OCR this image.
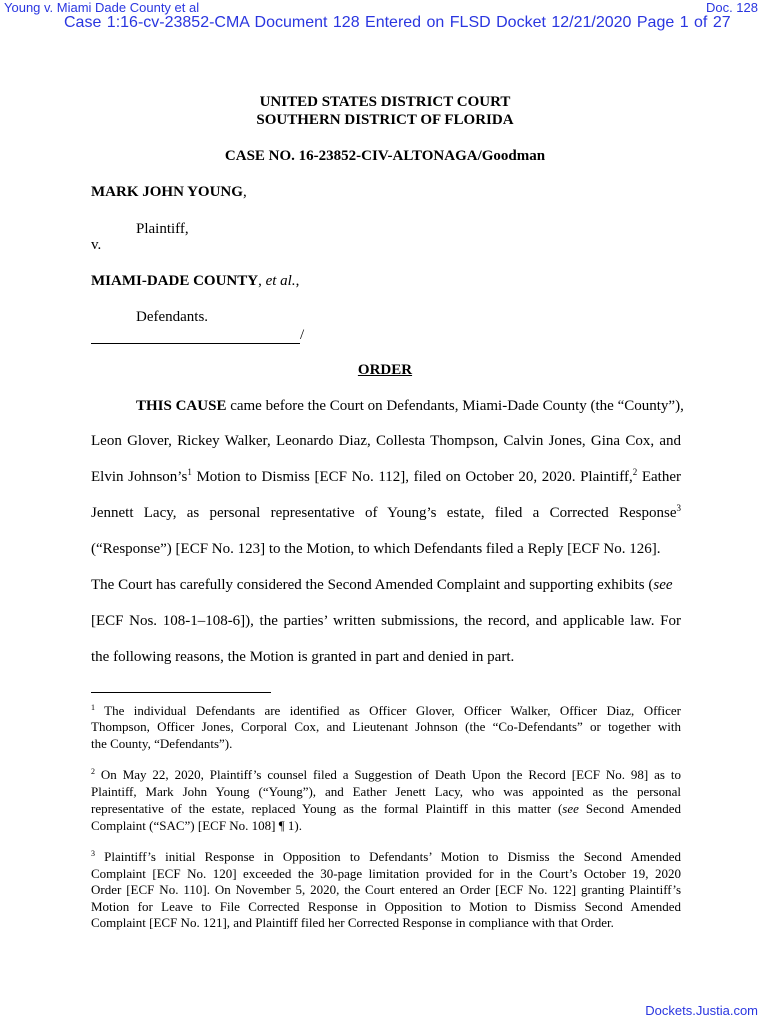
Young v. Miami Dade County et al	Doc. 128
Case 1:16-cv-23852-CMA Document 128 Entered on FLSD Docket 12/21/2020 Page 1 of 27
UNITED STATES DISTRICT COURT
SOUTHERN DISTRICT OF FLORIDA
CASE NO. 16-23852-CIV-ALTONAGA/Goodman
MARK JOHN YOUNG,
Plaintiff,
v.
MIAMI-DADE COUNTY, et al.,
Defendants.
/
ORDER
THIS CAUSE came before the Court on Defendants, Miami-Dade County (the “County”),
Leon Glover, Rickey Walker, Leonardo Diaz, Collesta Thompson, Calvin Jones, Gina Cox, and
Elvin $Johnson’s^1$ Motion to Dismiss [ECF No. 112], filed on October 20, 2020. Plaintiff,$^2$ Eather
Jennett Lacy, as personal representative of Young’s estate, filed a Corrected Response$^3$
(“Response”) [ECF No. 123] to the Motion, to which Defendants filed a Reply [ECF No. 126].
The Court has carefully considered the Second Amended Complaint and supporting exhibits (see
[ECF Nos. 108-1–108-6]), the parties’ written submissions, the record, and applicable law. For
the following reasons, the Motion is granted in part and denied in part.
$^1$ The individual Defendants are identified as Officer Glover, Officer Walker, Officer Diaz, Officer
Thompson, Officer Jones, Corporal Cox, and Lieutenant Johnson (the “Co-Defendants” or together with
the County, “Defendants”).
$^2$ On May 22, 2020, Plaintiff’s counsel filed a Suggestion of Death Upon the Record [ECF No. 98] as to
Plaintiff, Mark John Young (“Young”), and Eather Jenett Lacy, who was appointed as the personal
representative of the estate, replaced Young as the formal Plaintiff in this matter (see Second Amended
Complaint (“SAC”) [ECF No. 108] ¶ 1).
$^3$ Plaintiff’s initial Response in Opposition to Defendants’ Motion to Dismiss the Second Amended
Complaint [ECF No. 120] exceeded the 30-page limitation provided for in the Court’s October 19, 2020
Order [ECF No. 110]. On November 5, 2020, the Court entered an Order [ECF No. 122] granting Plaintiff’s
Motion for Leave to File Corrected Response in Opposition to Motion to Dismiss Second Amended
Complaint [ECF No. 121], and Plaintiff filed her Corrected Response in compliance with that Order.
Dockets.Justia.com
